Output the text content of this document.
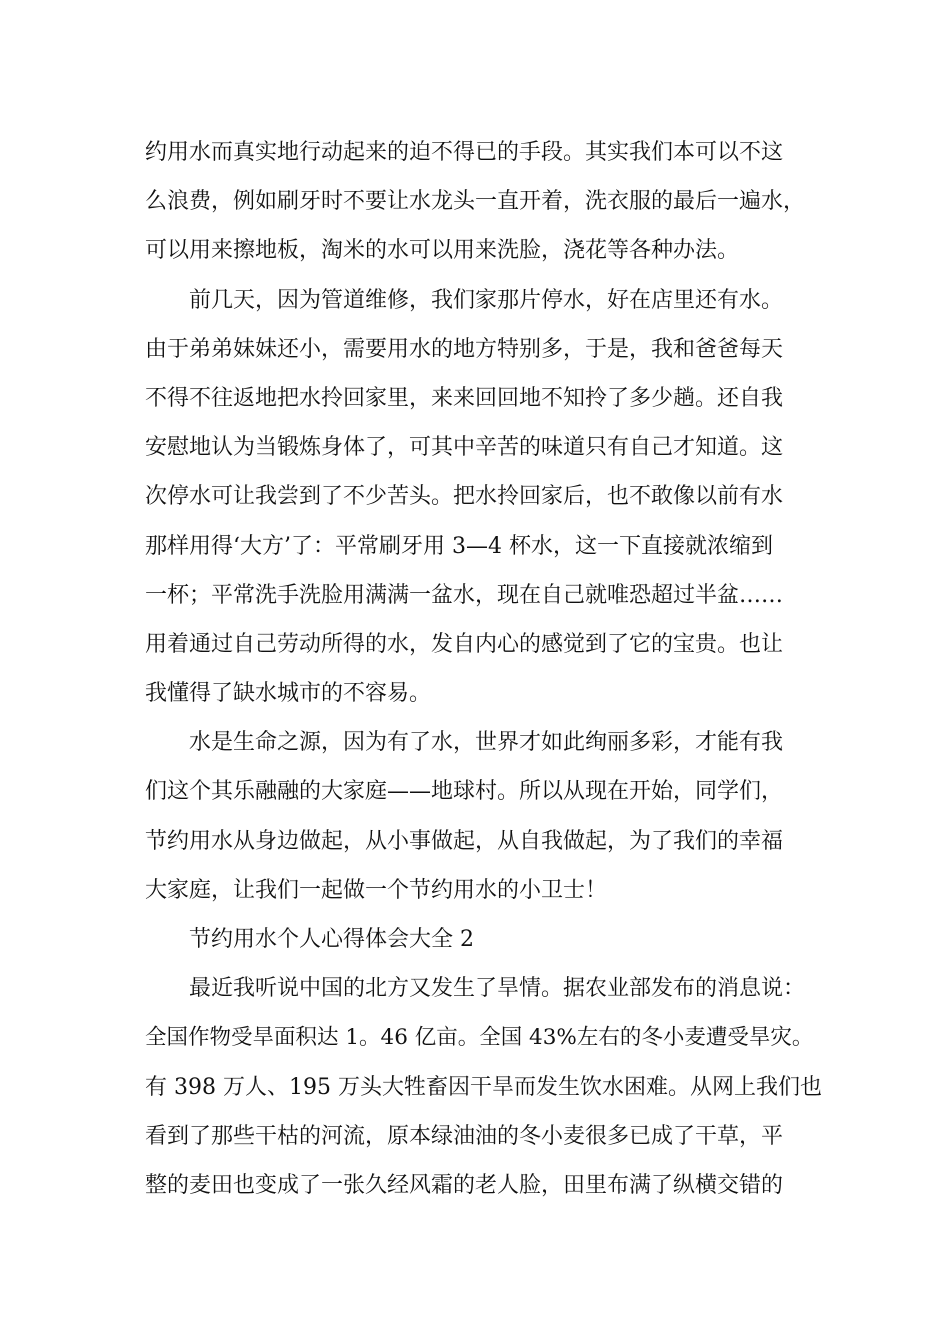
约用水而真实地行动起来的迫不得已的手段。其实我们本可以不这
么浪费，例如刷牙时不要让水龙头一直开着，洗衣服的最后一遍水，
可以用来擦地板，淘米的水可以用来洗脸，浇花等各种办法。
前几天，因为管道维修，我们家那片停水，好在店里还有水。
由于弟弟妹妹还小，需要用水的地方特别多，于是，我和爸爸每天
不得不往返地把水拎回家里，来来回回地不知拎了多少趟。还自我
安慰地认为当锻炼身体了，可其中辛苦的味道只有自己才知道。这
次停水可让我尝到了不少苦头。把水拎回家后，也不敢像以前有水
那样用得‘大方’了：平常刷牙用 3—4 杯水，这一下直接就浓缩到
一杯；平常洗手洗脸用满满一盆水，现在自己就唯恐超过半盆……
用着通过自己劳动所得的水，发自内心的感觉到了它的宝贵。也让
我懂得了缺水城市的不容易。
水是生命之源，因为有了水，世界才如此绚丽多彩，才能有我
们这个其乐融融的大家庭——地球村。所以从现在开始，同学们，
节约用水从身边做起，从小事做起，从自我做起，为了我们的幸福
大家庭，让我们一起做一个节约用水的小卫士！
节约用水个人心得体会大全 2
最近我听说中国的北方又发生了旱情。据农业部发布的消息说：
全国作物受旱面积达 1。46 亿亩。全国 43%左右的冬小麦遭受旱灾。
有 398 万人、195 万头大牲畜因干旱而发生饮水困难。从网上我们也
看到了那些干枯的河流，原本绿油油的冬小麦很多已成了干草，平
整的麦田也变成了一张久经风霜的老人脸，田里布满了纵横交错的
